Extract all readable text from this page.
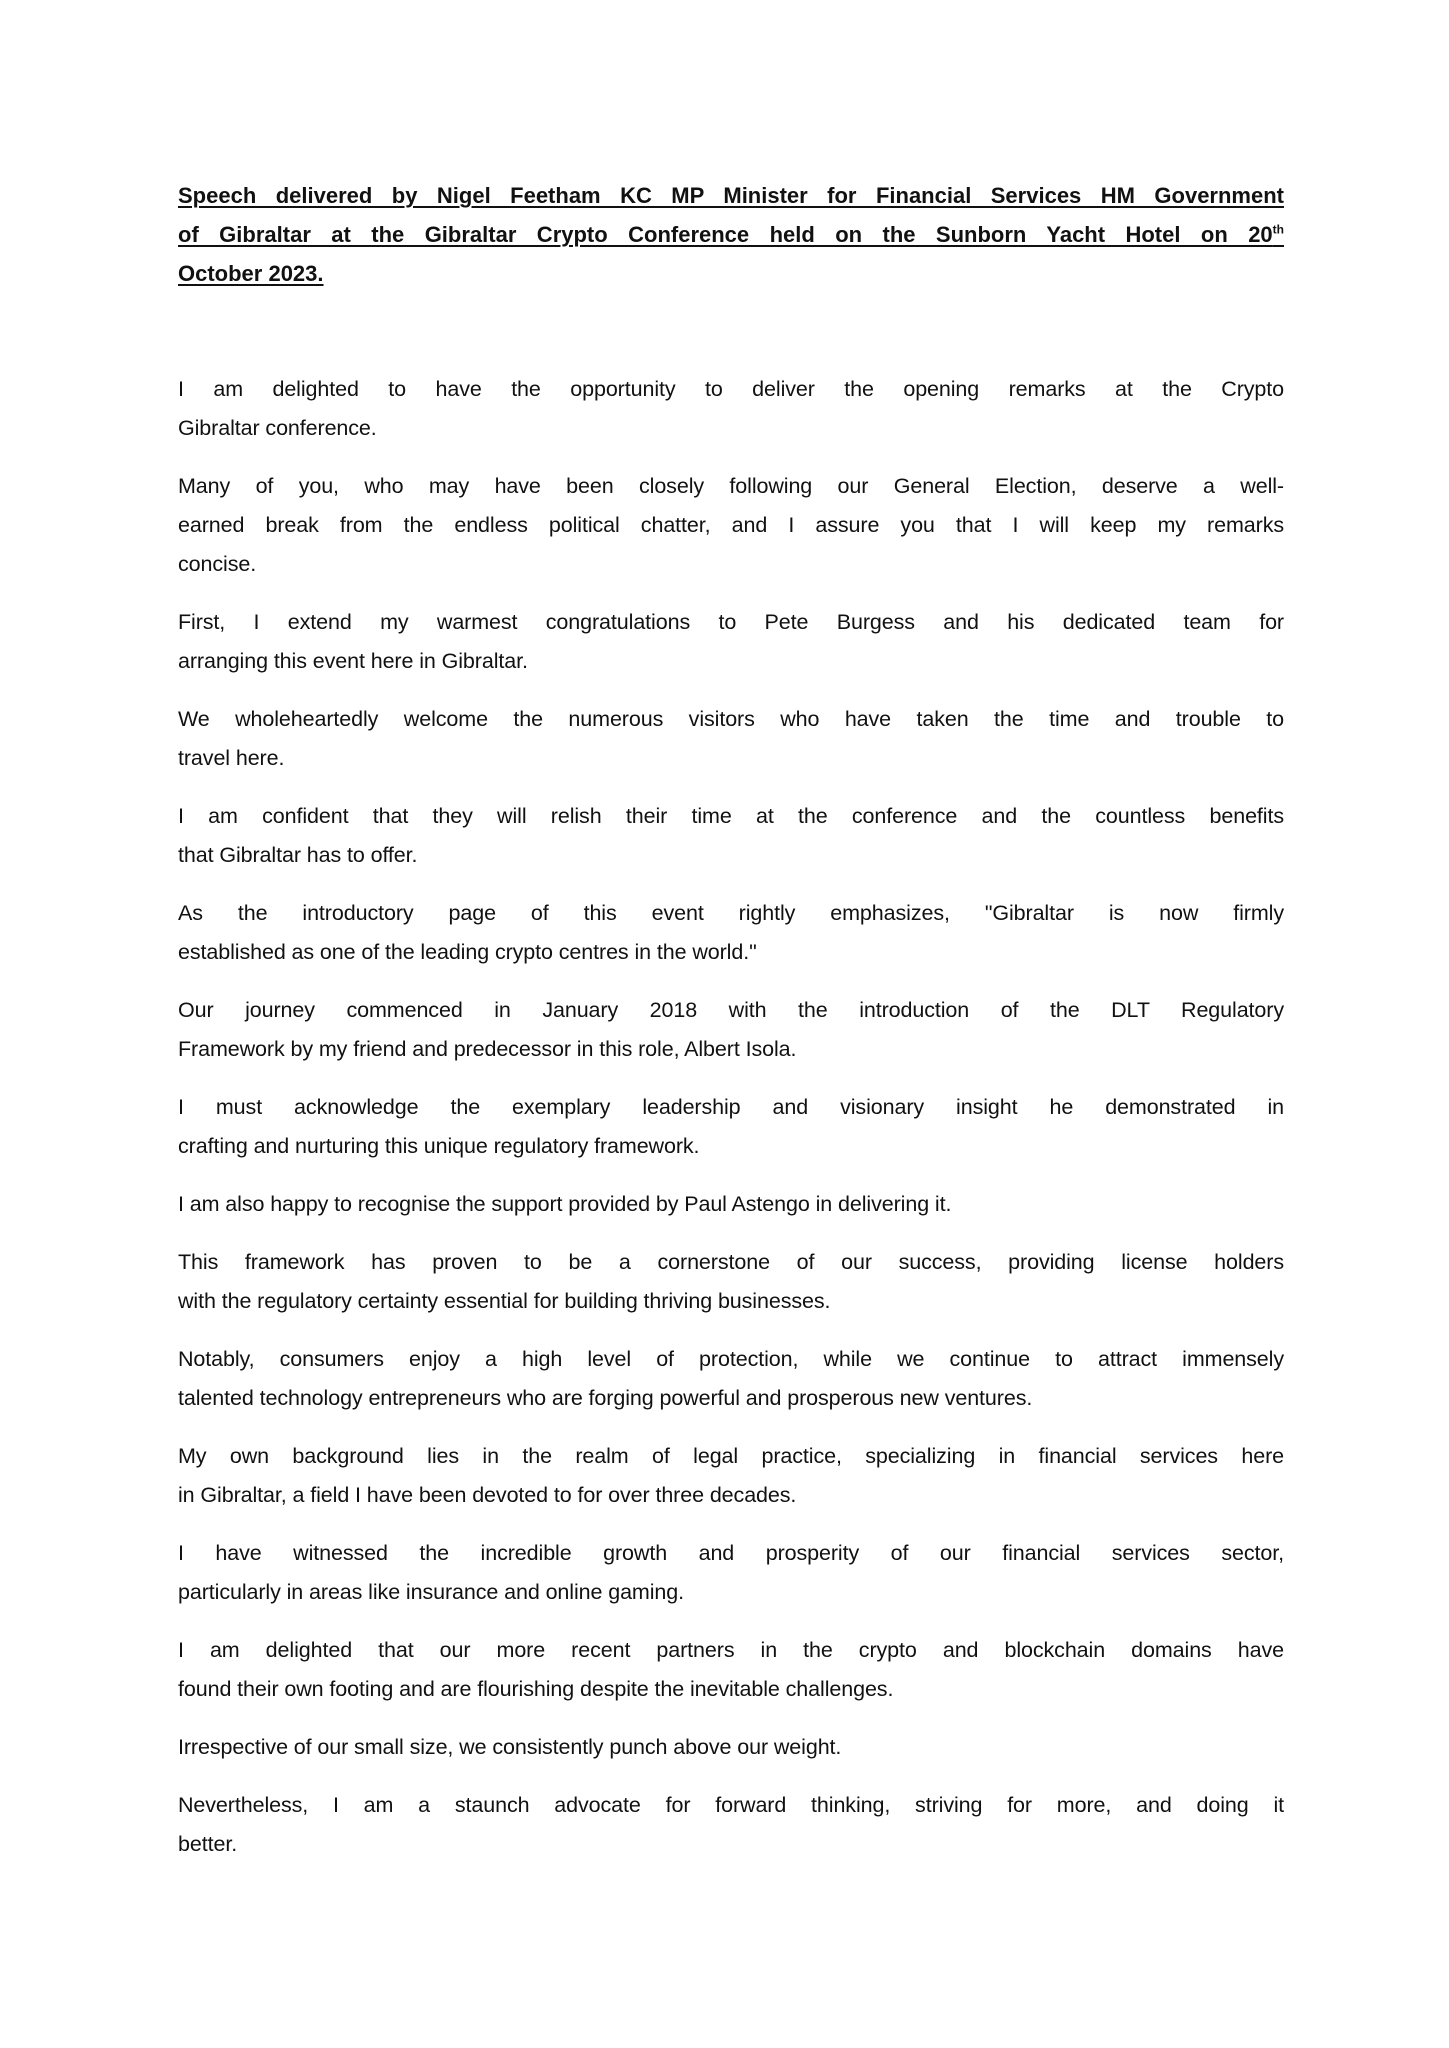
Speech delivered by Nigel Feetham KC MP Minister for Financial Services HM Government
of Gibraltar at the Gibraltar Crypto Conference held on the Sunborn Yacht Hotel on 20th
October 2023.
I am delighted to have the opportunity to deliver the opening remarks at the Crypto
Gibraltar conference.
Many of you, who may have been closely following our General Election, deserve a well-
earned break from the endless political chatter, and I assure you that I will keep my remarks
concise.
First, I extend my warmest congratulations to Pete Burgess and his dedicated team for
arranging this event here in Gibraltar.
We wholeheartedly welcome the numerous visitors who have taken the time and trouble to
travel here.
I am confident that they will relish their time at the conference and the countless benefits
that Gibraltar has to offer.
As the introductory page of this event rightly emphasizes, "Gibraltar is now firmly
established as one of the leading crypto centres in the world."
Our journey commenced in January 2018 with the introduction of the DLT Regulatory
Framework by my friend and predecessor in this role, Albert Isola.
I must acknowledge the exemplary leadership and visionary insight he demonstrated in
crafting and nurturing this unique regulatory framework.
I am also happy to recognise the support provided by Paul Astengo in delivering it.
This framework has proven to be a cornerstone of our success, providing license holders
with the regulatory certainty essential for building thriving businesses.
Notably, consumers enjoy a high level of protection, while we continue to attract immensely
talented technology entrepreneurs who are forging powerful and prosperous new ventures.
My own background lies in the realm of legal practice, specializing in financial services here
in Gibraltar, a field I have been devoted to for over three decades.
I have witnessed the incredible growth and prosperity of our financial services sector,
particularly in areas like insurance and online gaming.
I am delighted that our more recent partners in the crypto and blockchain domains have
found their own footing and are flourishing despite the inevitable challenges.
Irrespective of our small size, we consistently punch above our weight.
Nevertheless, I am a staunch advocate for forward thinking, striving for more, and doing it
better.
